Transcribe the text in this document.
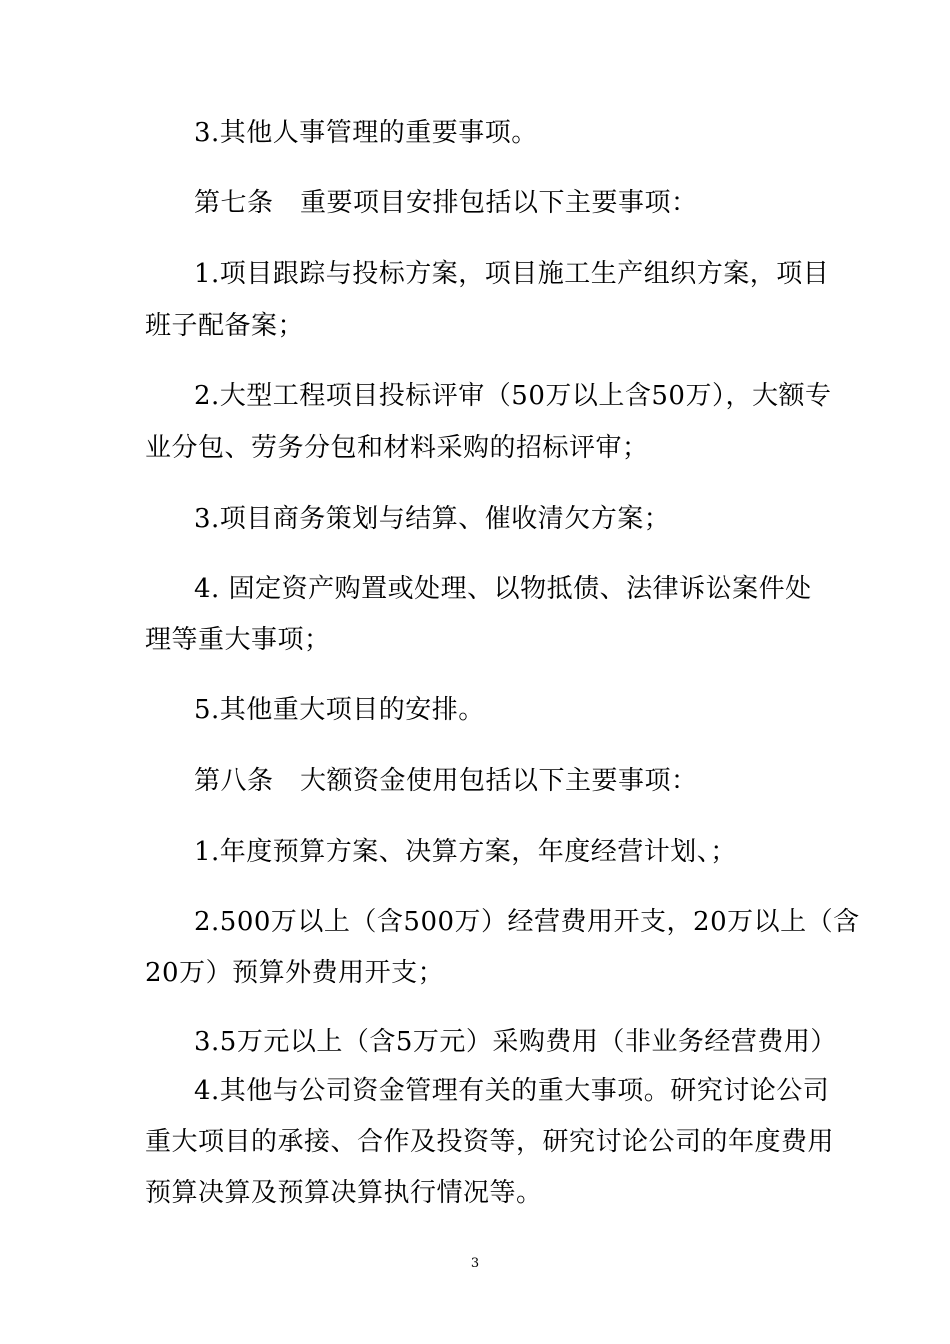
3.其他人事管理的重要事项。
第七条　重要项目安排包括以下主要事项：
1.项目跟踪与投标方案，项目施工生产组织方案，项目
班子配备案；
2.大型工程项目投标评审（50万以上含50万），大额专
业分包、劳务分包和材料采购的招标评审；
3.项目商务策划与结算、催收清欠方案；
4. 固定资产购置或处理、以物抵债、法律诉讼案件处
理等重大事项；
5.其他重大项目的安排。
第八条　大额资金使用包括以下主要事项：
1.年度预算方案、决算方案，年度经营计划、；
2.500万以上（含500万）经营费用开支，20万以上（含
20万）预算外费用开支；
3.5万元以上（含5万元）采购费用（非业务经营费用）
4.其他与公司资金管理有关的重大事项。研究讨论公司
重大项目的承接、合作及投资等，研究讨论公司的年度费用
预算决算及预算决算执行情况等。
3
